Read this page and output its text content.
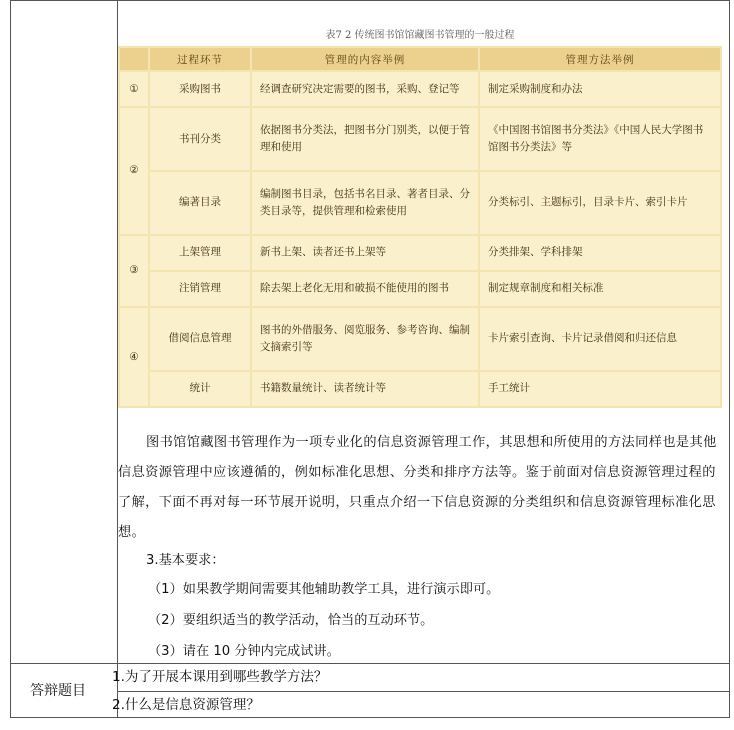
表7 2 传统图书馆馆藏图书管理的一般过程
	过程环节	管理的内容举例	管理方法举例
①	采购图书	经调查研究决定需要的图书，采购、登记等	制定采购制度和办法
②	书刊分类	依据图书分类法，把图书分门别类，以便于管理和使用	《中国图书馆图书分类法》《中国人民大学图书馆图书分类法》等
	编著目录	编制图书目录，包括书名目录、著者目录、分类目录等，提供管理和检索使用	分类标引、主题标引，目录卡片、索引卡片
③	上架管理	新书上架、读者还书上架等	分类排架、学科排架
	注销管理	除去架上老化无用和破损不能使用的图书	制定规章制度和相关标准
④	借阅信息管理	图书的外借服务、阅览服务、参考咨询、编制文摘索引等	卡片索引查询、卡片记录借阅和归还信息
	统计	书籍数量统计、读者统计等	手工统计

图书馆馆藏图书管理作为一项专业化的信息资源管理工作，其思想和所使用的方法同样也是其他信息资源管理中应该遵循的，例如标准化思想、分类和排序方法等。鉴于前面对信息资源管理过程的了解，下面不再对每一环节展开说明，只重点介绍一下信息资源的分类组织和信息资源管理标准化思想。

3.基本要求：
（1）如果教学期间需要其他辅助教学工具，进行演示即可。
（2）要组织适当的教学活动，恰当的互动环节。
（3）请在 10 分钟内完成试讲。
答辩题目
1.为了开展本课用到哪些教学方法？
2.什么是信息资源管理？
